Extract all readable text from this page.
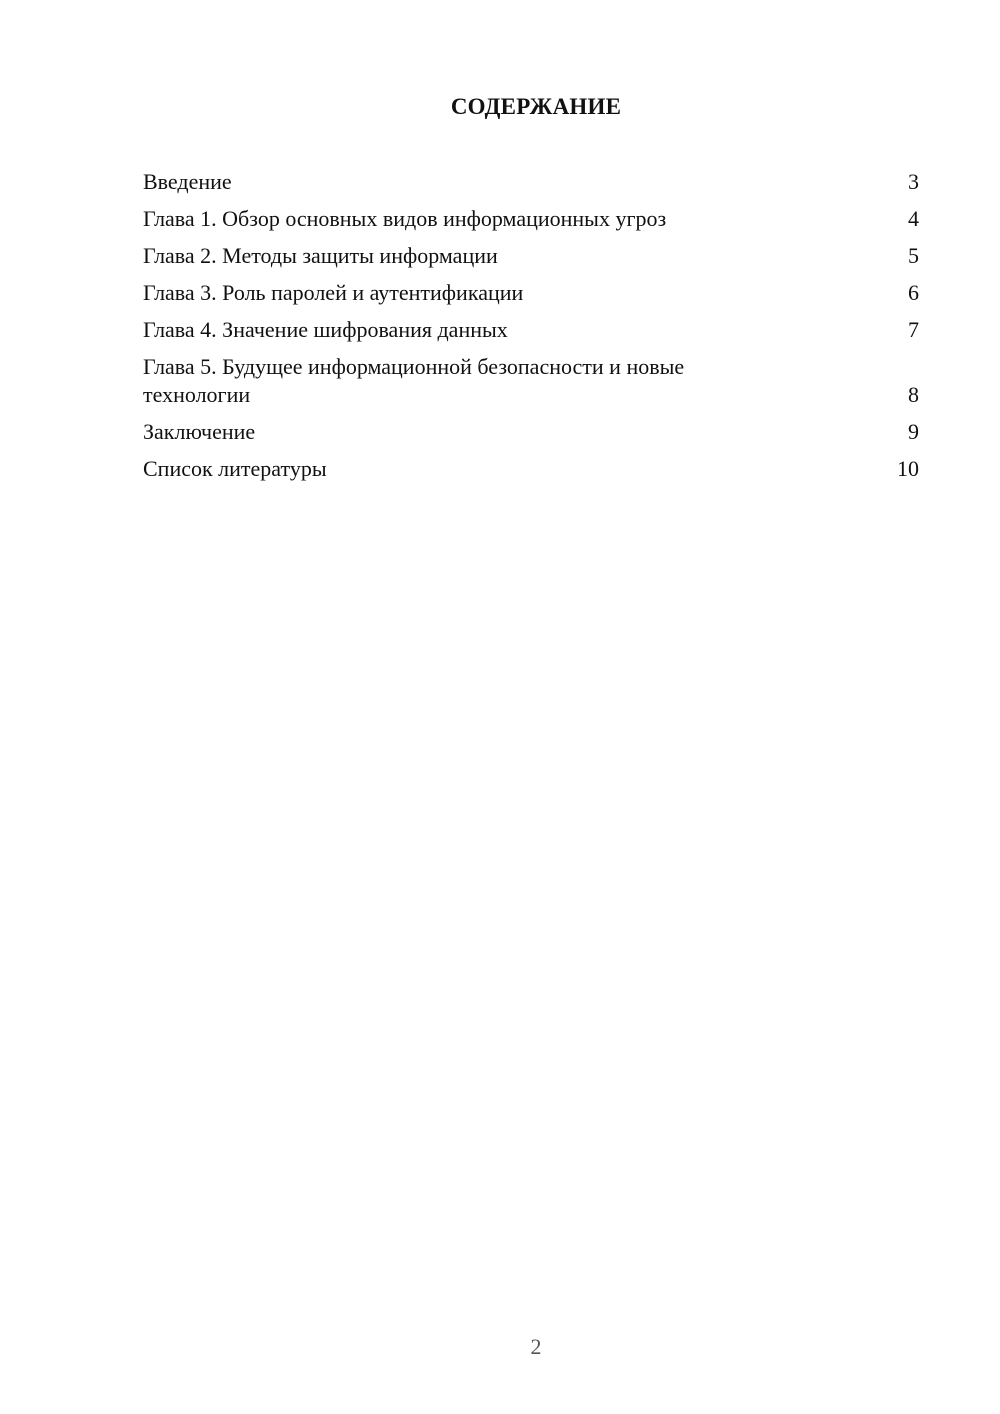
СОДЕРЖАНИЕ
Введение	3
Глава 1. Обзор основных видов информационных угроз	4
Глава 2. Методы защиты информации	5
Глава 3. Роль паролей и аутентификации	6
Глава 4. Значение шифрования данных	7
Глава 5. Будущее информационной безопасности и новые технологии	8
Заключение	9
Список литературы	10
2
